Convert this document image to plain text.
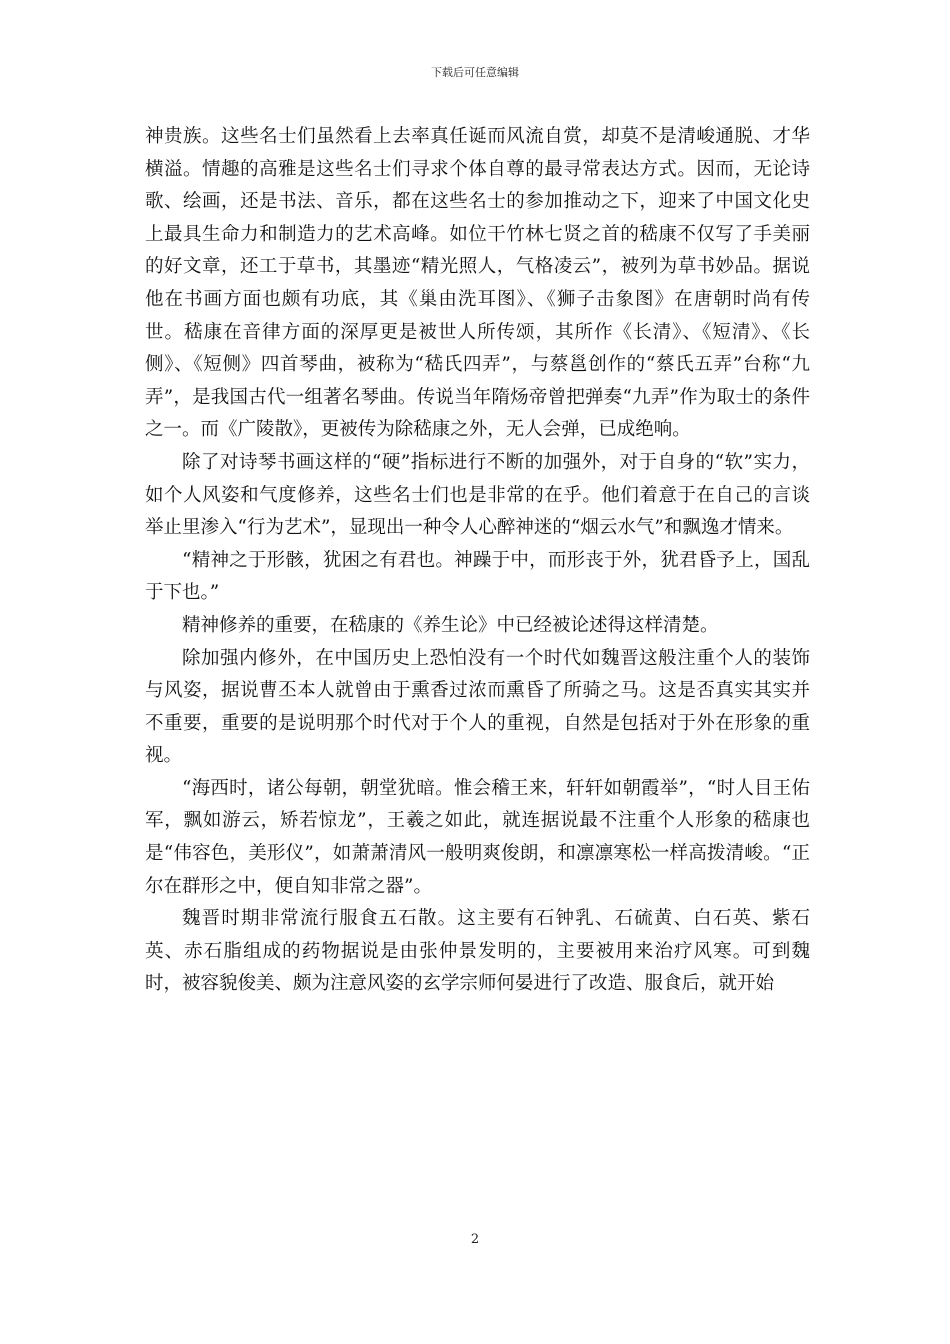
下载后可任意编辑

神贵族。这些名士们虽然看上去率真任诞而风流自赏，却莫不是清峻通脱、才华横溢。情趣的高雅是这些名士们寻求个体自尊的最寻常表达方式。因而，无论诗歌、绘画，还是书法、音乐，都在这些名士的参加推动之下，迎来了中国文化史上最具生命力和制造力的艺术高峰。如位干竹林七贤之首的嵇康不仅写了手美丽的好文章，还工于草书，其墨迹“精光照人，气格凌云”，被列为草书妙品。据说他在书画方面也颇有功底，其《巢由洗耳图》、《狮子击象图》在唐朝时尚有传世。嵇康在音律方面的深厚更是被世人所传颂，其所作《长清》、《短清》、《长侧》、《短侧》四首琴曲，被称为“嵇氏四弄”，与蔡邕创作的“蔡氏五弄”台称“九弄”，是我国古代一组著名琴曲。传说当年隋炀帝曾把弹奏“九弄”作为取士的条件之一。而《广陵散》，更被传为除嵇康之外，无人会弹，已成绝响。

除了对诗琴书画这样的“硬”指标进行不断的加强外，对于自身的“软”实力，如个人风姿和气度修养，这些名士们也是非常的在乎。他们着意于在自己的言谈举止里渗入“行为艺术”，显现出一种令人心醉神迷的“烟云水气”和飘逸才情来。

“精神之于形骸，犹困之有君也。神躁于中，而形丧于外，犹君昏予上，国乱于下也。”

精神修养的重要，在嵇康的《养生论》中已经被论述得这样清楚。

除加强内修外，在中国历史上恐怕没有一个时代如魏晋这般注重个人的装饰与风姿，据说曹丕本人就曾由于熏香过浓而熏昏了所骑之马。这是否真实其实并不重要，重要的是说明那个时代对于个人的重视，自然是包括对于外在形象的重视。

“海西时，诸公每朝，朝堂犹暗。惟会稽王来，轩轩如朝霞举”，“时人目王佑军，飘如游云，矫若惊龙”，王羲之如此，就连据说最不注重个人形象的嵇康也是“伟容色，美形仪”，如萧萧清风一般明爽俊朗，和凛凛寒松一样高拨清峻。“正尔在群形之中，便自知非常之器”。

魏晋时期非常流行服食五石散。这主要有石钟乳、石硫黄、白石英、紫石英、赤石脂组成的药物据说是由张仲景发明的，主要被用来治疗风寒。可到魏时，被容貌俊美、颇为注意风姿的玄学宗师何晏进行了改造、服食后，就开始

2
